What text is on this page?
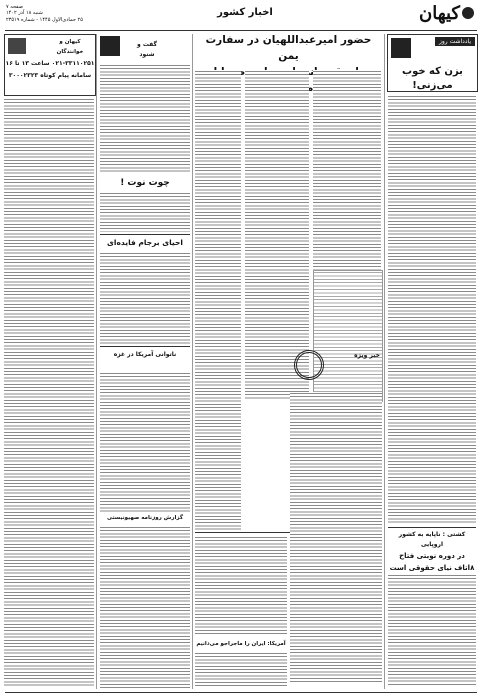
کیهان
اخبار کشور
صفحه ۷
شنبه ۱۸ آذر ۱۴۰۲
۲۵ جمادی‌الاول ۱۴۴۵ - شماره ۲۳۵۱۹
یادداشت روز
بزن که خوب می‌زنی!
کشتی : ناپایه به کشور اروپایی
در دوره نوبتی فتاح ۸اتاف نیای حقوقی است
حضور امیرعبداللهیان در سفارت یمن
گفت و شنود
چوت نوت !
احیای برجام فایده‌ای
کیهان و خوانندگان
۰۲۱-۳۳۱۱۰۲۵۱ ساعت ۱۳ تا ۱۶
سامانه پیام کوتاه ۳۰۰۰۲۳۲۳
ناتوانی آمریکا در غزه
گزارش روزنامه صهیونیستی
خبر ویژه
آمریکا: ایران را ماجراجو می‌دانیم
